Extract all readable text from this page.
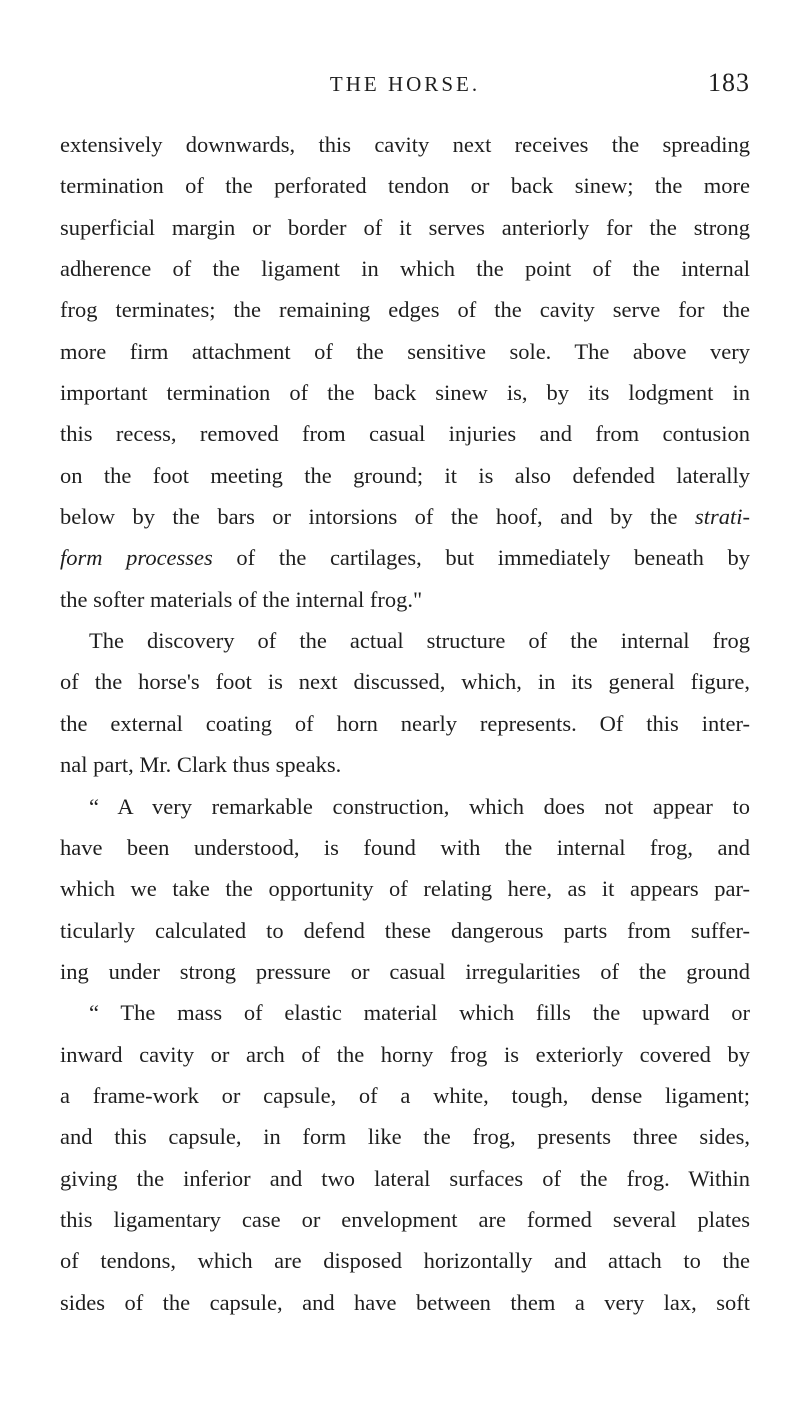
THE HORSE.	183
extensively downwards, this cavity next receives the spreading
termination of the perforated tendon or back sinew; the more
superficial margin or border of it serves anteriorly for the strong
adherence of the ligament in which the point of the internal
frog terminates; the remaining edges of the cavity serve for the
more firm attachment of the sensitive sole. The above very
important termination of the back sinew is, by its lodgment in
this recess, removed from casual injuries and from contusion
on the foot meeting the ground; it is also defended laterally
below by the bars or intorsions of the hoof, and by the strati-
form processes of the cartilages, but immediately beneath by
the softer materials of the internal frog."
The discovery of the actual structure of the internal frog
of the horse's foot is next discussed, which, in its general figure,
the external coating of horn nearly represents. Of this inter-
nal part, Mr. Clark thus speaks.
“ A very remarkable construction, which does not appear to
have been understood, is found with the internal frog, and
which we take the opportunity of relating here, as it appears par-
ticularly calculated to defend these dangerous parts from suffer-
ing under strong pressure or casual irregularities of the ground
“ The mass of elastic material which fills the upward or
inward cavity or arch of the horny frog is exteriorly covered by
a frame-work or capsule, of a white, tough, dense ligament;
and this capsule, in form like the frog, presents three sides,
giving the inferior and two lateral surfaces of the frog. Within
this ligamentary case or envelopment are formed several plates
of tendons, which are disposed horizontally and attach to the
sides of the capsule, and have between them a very lax, soft
